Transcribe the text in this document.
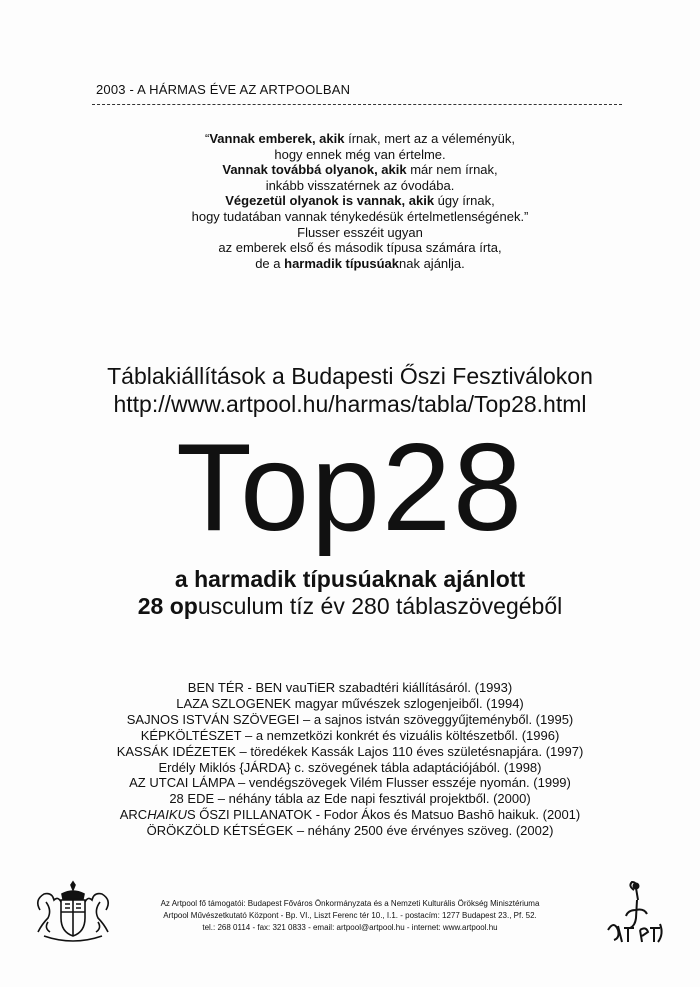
2003 - A HÁRMAS ÉVE AZ ARTPOOLBAN
“Vannak emberek, akik írnak, mert az a véleményük,
hogy ennek még van értelme.
Vannak továbbá olyanok, akik már nem írnak,
inkább visszatérnek az óvodába.
Végezetül olyanok is vannak, akik úgy írnak,
hogy tudatában vannak ténykedésük értelmetlenségének.”
Flusser esszéit ugyan
az emberek első és második típusa számára írta,
de a harmadik típusúaknak ajánlja.
Táblakiállítások a Budapesti Őszi Fesztiválokon
http://www.artpool.hu/harmas/tabla/Top28.html
Top28
a harmadik típusúaknak ajánlott
28 opusculum tíz év 280 táblaszövegéből
BEN TÉR - BEN vauTiER szabadtéri kiállításáról. (1993)
LAZA SZLOGENEK magyar művészek szlogenjeiből. (1994)
SAJNOS ISTVÁN SZÖVEGEI – a sajnos istván szöveggyűjteményből. (1995)
KÉPKÖLTÉSZET – a nemzetközi konkrét és vizuális költészetből. (1996)
KASSÁK IDÉZETEK – töredékek Kassák Lajos 110 éves születésnapjára. (1997)
Erdély Miklós {JÁRDA} c. szövegének tábla adaptációjából. (1998)
AZ UTCAI LÁMPA – vendégszövegek Vilém Flusser esszéje nyomán. (1999)
28 EDE – néhány tábla az Ede napi fesztivál projektből. (2000)
ARCHAIKUS ŐSZI PILLANATOK - Fodor Ákos és Matsuo Bashō haikuk. (2001)
ÖRÖKZÖLD KÉTSÉGEK – néhány 2500 éve érvényes szöveg. (2002)
Az Artpool fő támogatói: Budapest Főváros Önkormányzata és a Nemzeti Kulturális Örökség Minisztériuma
Artpool Művészetkutató Központ - Bp. VI., Liszt Ferenc tér 10., I.1. - postacím: 1277 Budapest 23., Pf. 52.
tel.: 268 0114 - fax: 321 0833 - email: artpool@artpool.hu - internet: www.artpool.hu
